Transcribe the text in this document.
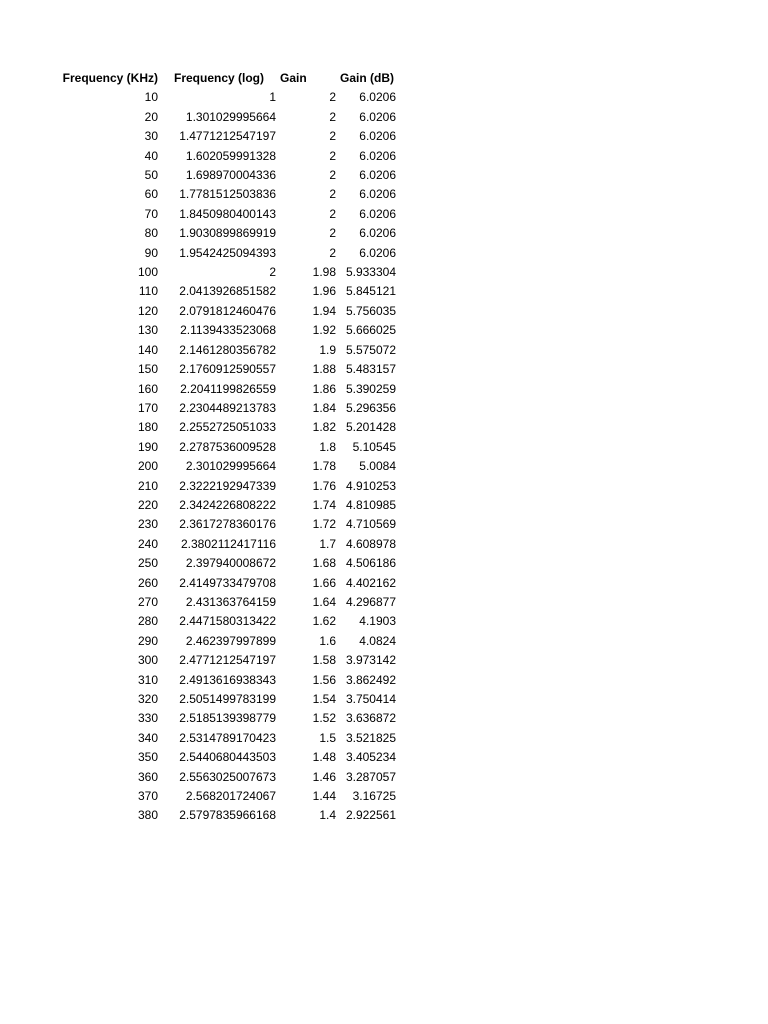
Frequency (KHz)	Frequency (log)	Gain	Gain (dB)
10	1	2	6.0206
20	1.301029995664	2	6.0206
30	1.4771212547197	2	6.0206
40	1.602059991328	2	6.0206
50	1.698970004336	2	6.0206
60	1.7781512503836	2	6.0206
70	1.8450980400143	2	6.0206
80	1.9030899869919	2	6.0206
90	1.9542425094393	2	6.0206
100	2	1.98	5.933304
110	2.0413926851582	1.96	5.845121
120	2.0791812460476	1.94	5.756035
130	2.1139433523068	1.92	5.666025
140	2.1461280356782	1.9	5.575072
150	2.1760912590557	1.88	5.483157
160	2.2041199826559	1.86	5.390259
170	2.2304489213783	1.84	5.296356
180	2.2552725051033	1.82	5.201428
190	2.2787536009528	1.8	5.10545
200	2.301029995664	1.78	5.0084
210	2.3222192947339	1.76	4.910253
220	2.3424226808222	1.74	4.810985
230	2.3617278360176	1.72	4.710569
240	2.3802112417116	1.7	4.608978
250	2.397940008672	1.68	4.506186
260	2.4149733479708	1.66	4.402162
270	2.431363764159	1.64	4.296877
280	2.4471580313422	1.62	4.1903
290	2.462397997899	1.6	4.0824
300	2.4771212547197	1.58	3.973142
310	2.4913616938343	1.56	3.862492
320	2.5051499783199	1.54	3.750414
330	2.5185139398779	1.52	3.636872
340	2.5314789170423	1.5	3.521825
350	2.5440680443503	1.48	3.405234
360	2.5563025007673	1.46	3.287057
370	2.568201724067	1.44	3.16725
380	2.5797835966168	1.4	2.922561
